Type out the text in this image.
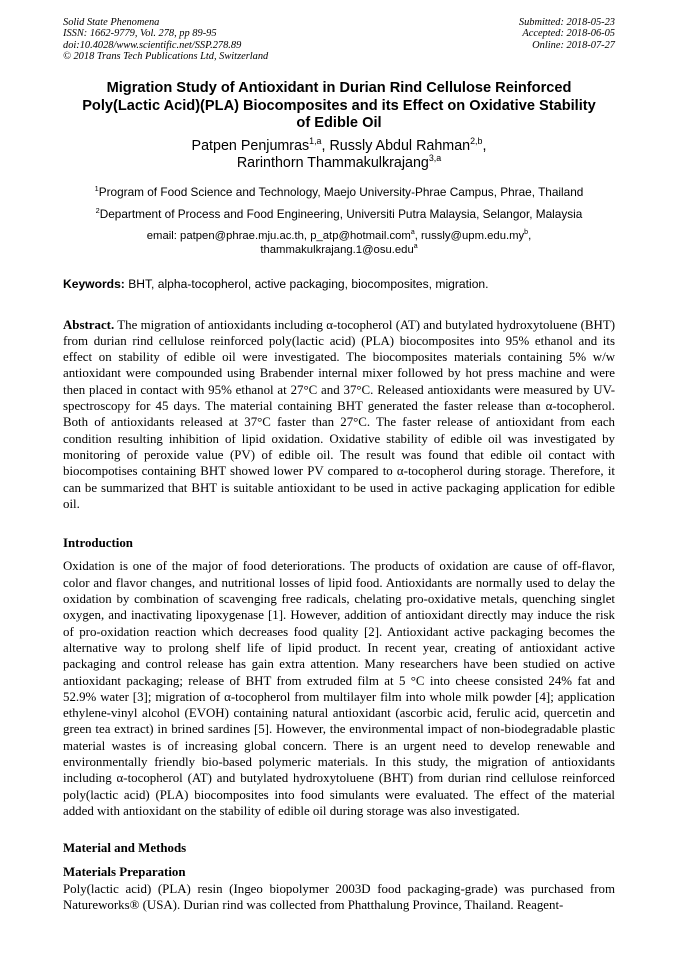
Solid State Phenomena
ISSN: 1662-9779, Vol. 278, pp 89-95
doi:10.4028/www.scientific.net/SSP.278.89
© 2018 Trans Tech Publications Ltd, Switzerland
Submitted: 2018-05-23
Accepted: 2018-06-05
Online: 2018-07-27
Migration Study of Antioxidant in Durian Rind Cellulose Reinforced Poly(Lactic Acid)(PLA) Biocomposites and its Effect on Oxidative Stability of Edible Oil
Patpen Penjumras$^{1,a}$, Russly Abdul Rahman$^{2,b}$,
Rarinthorn Thammakulkrajang$^{3,a}$
$^1$Program of Food Science and Technology, Maejo University-Phrae Campus, Phrae, Thailand
$^2$Department of Process and Food Engineering, Universiti Putra Malaysia, Selangor, Malaysia
email: patpen@phrae.mju.ac.th, p_atp@hotmail.com$^a$, $russly@upm.edu.my^b$,
thammakulkrajang.1@osu.edu$^a$
Keywords: BHT, alpha-tocopherol, active packaging, biocomposites, migration.
Abstract. The migration of antioxidants including α-tocopherol (AT) and butylated hydroxytoluene (BHT) from durian rind cellulose reinforced poly(lactic acid) (PLA) biocomposites into 95% ethanol and its effect on stability of edible oil were investigated. The biocomposites materials containing 5% w/w antioxidant were compounded using Brabender internal mixer followed by hot press machine and were then placed in contact with 95% ethanol at 27°C and 37°C. Released antioxidants were measured by UV-spectroscopy for 45 days. The material containing BHT generated the faster release than α-tocopherol. Both of antioxidants released at 37°C faster than 27°C. The faster release of antioxidant from each condition resulting inhibition of lipid oxidation. Oxidative stability of edible oil was investigated by monitoring of peroxide value (PV) of edible oil. The result was found that edible oil contact with biocompotises containing BHT showed lower PV compared to α-tocopherol during storage. Therefore, it can be summarized that BHT is suitable antioxidant to be used in active packaging application for edible oil.
Introduction
Oxidation is one of the major of food deteriorations. The products of oxidation are cause of off-flavor, color and flavor changes, and nutritional losses of lipid food. Antioxidants are normally used to delay the oxidation by combination of scavenging free radicals, chelating pro-oxidative metals, quenching singlet oxygen, and inactivating lipoxygenase [1]. However, addition of antioxidant directly may induce the risk of pro-oxidation reaction which decreases food quality [2]. Antioxidant active packaging becomes the alternative way to prolong shelf life of lipid product. In recent year, creating of antioxidant active packaging and control release has gain extra attention. Many researchers have been studied on active antioxidant packaging; release of BHT from extruded film at 5 °C into cheese consisted 24% fat and 52.9% water [3]; migration of α-tocopherol from multilayer film into whole milk powder [4]; application ethylene-vinyl alcohol (EVOH) containing natural antioxidant (ascorbic acid, ferulic acid, quercetin and green tea extract) in brined sardines [5]. However, the environmental impact of non-biodegradable plastic material wastes is of increasing global concern. There is an urgent need to develop renewable and environmentally friendly bio-based polymeric materials. In this study, the migration of antioxidants including α-tocopherol (AT) and butylated hydroxytoluene (BHT) from durian rind cellulose reinforced poly(lactic acid) (PLA) biocomposites into food simulants were evaluated. The effect of the material added with antioxidant on the stability of edible oil during storage was also investigated.
Material and Methods
Materials Preparation
Poly(lactic acid) (PLA) resin (Ingeo biopolymer 2003D food packaging-grade) was purchased from Natureworks® (USA). Durian rind was collected from Phatthalung Province, Thailand. Reagent-
